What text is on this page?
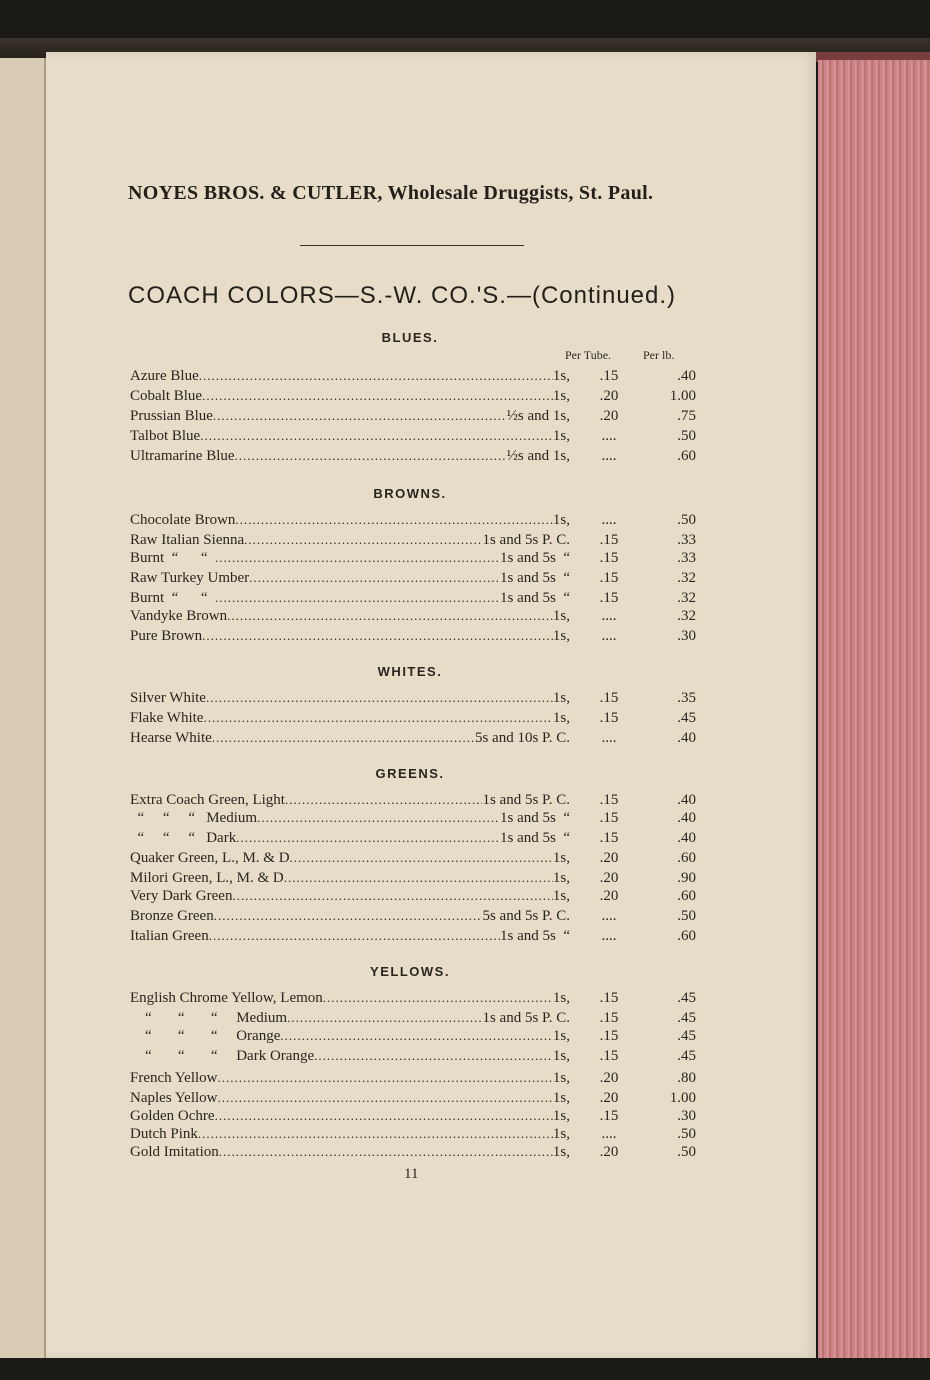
NOYES BROS. & CUTLER, Wholesale Druggists, St. Paul.
COACH COLORS—S.-W. CO.'S.—(Continued.)
Per Tube.	Per lb.
BLUES.
Azure Blue .....	1s,	.15	.40
Cobalt Blue .....	1s,	.20	1.00
Prussian Blue .....	½s and 1s,	.20	.75
Talbot Blue .....	1s,	....	.50
Ultramarine Blue .....	½s and 1s,	....	.60
BROWNS.
Chocolate Brown .....	1s,	....	.50
Raw Italian Sienna .....	1s and 5s P. C.	.15	.33
Burnt  “      “ .....	1s and 5s  “	.15	.33
Raw Turkey Umber .....	1s and 5s  “	.15	.32
Burnt  “      “ .....	1s and 5s  “	.15	.32
Vandyke Brown .....	1s,	....	.32
Pure Brown .....	1s,	....	.30
WHITES.
Silver White .....	1s,	.15	.35
Flake White .....	1s,	.15	.45
Hearse White .....	5s and 10s P. C.	....	.40
GREENS.
Extra Coach Green, Light .....	1s and 5s P. C.	.15	.40
“     “     “   Medium .....	1s and 5s  “	.15	.40
“     “     “   Dark .....	1s and 5s  “	.15	.40
Quaker Green, L., M. & D .....	1s,	.20	.60
Milori Green, L., M. & D .....	1s,	.20	.90
Very Dark Green .....	1s,	.20	.60
Bronze Green .....	5s and 5s P. C.	....	.50
Italian Green .....	1s and 5s  “	....	.60
YELLOWS.
English Chrome Yellow, Lemon .....	1s,	.15	.45
“       “       “     Medium .....	1s and 5s P. C.	.15	.45
“       “       “     Orange .....	1s,	.15	.45
“       “       “     Dark Orange .....	1s,	.15	.45
French Yellow .....	1s,	.20	.80
Naples Yellow .....	1s,	.20	1.00
Golden Ochre .....	1s,	.15	.30
Dutch Pink .....	1s,	....	.50
Gold Imitation .....	1s,	.20	.50
11
